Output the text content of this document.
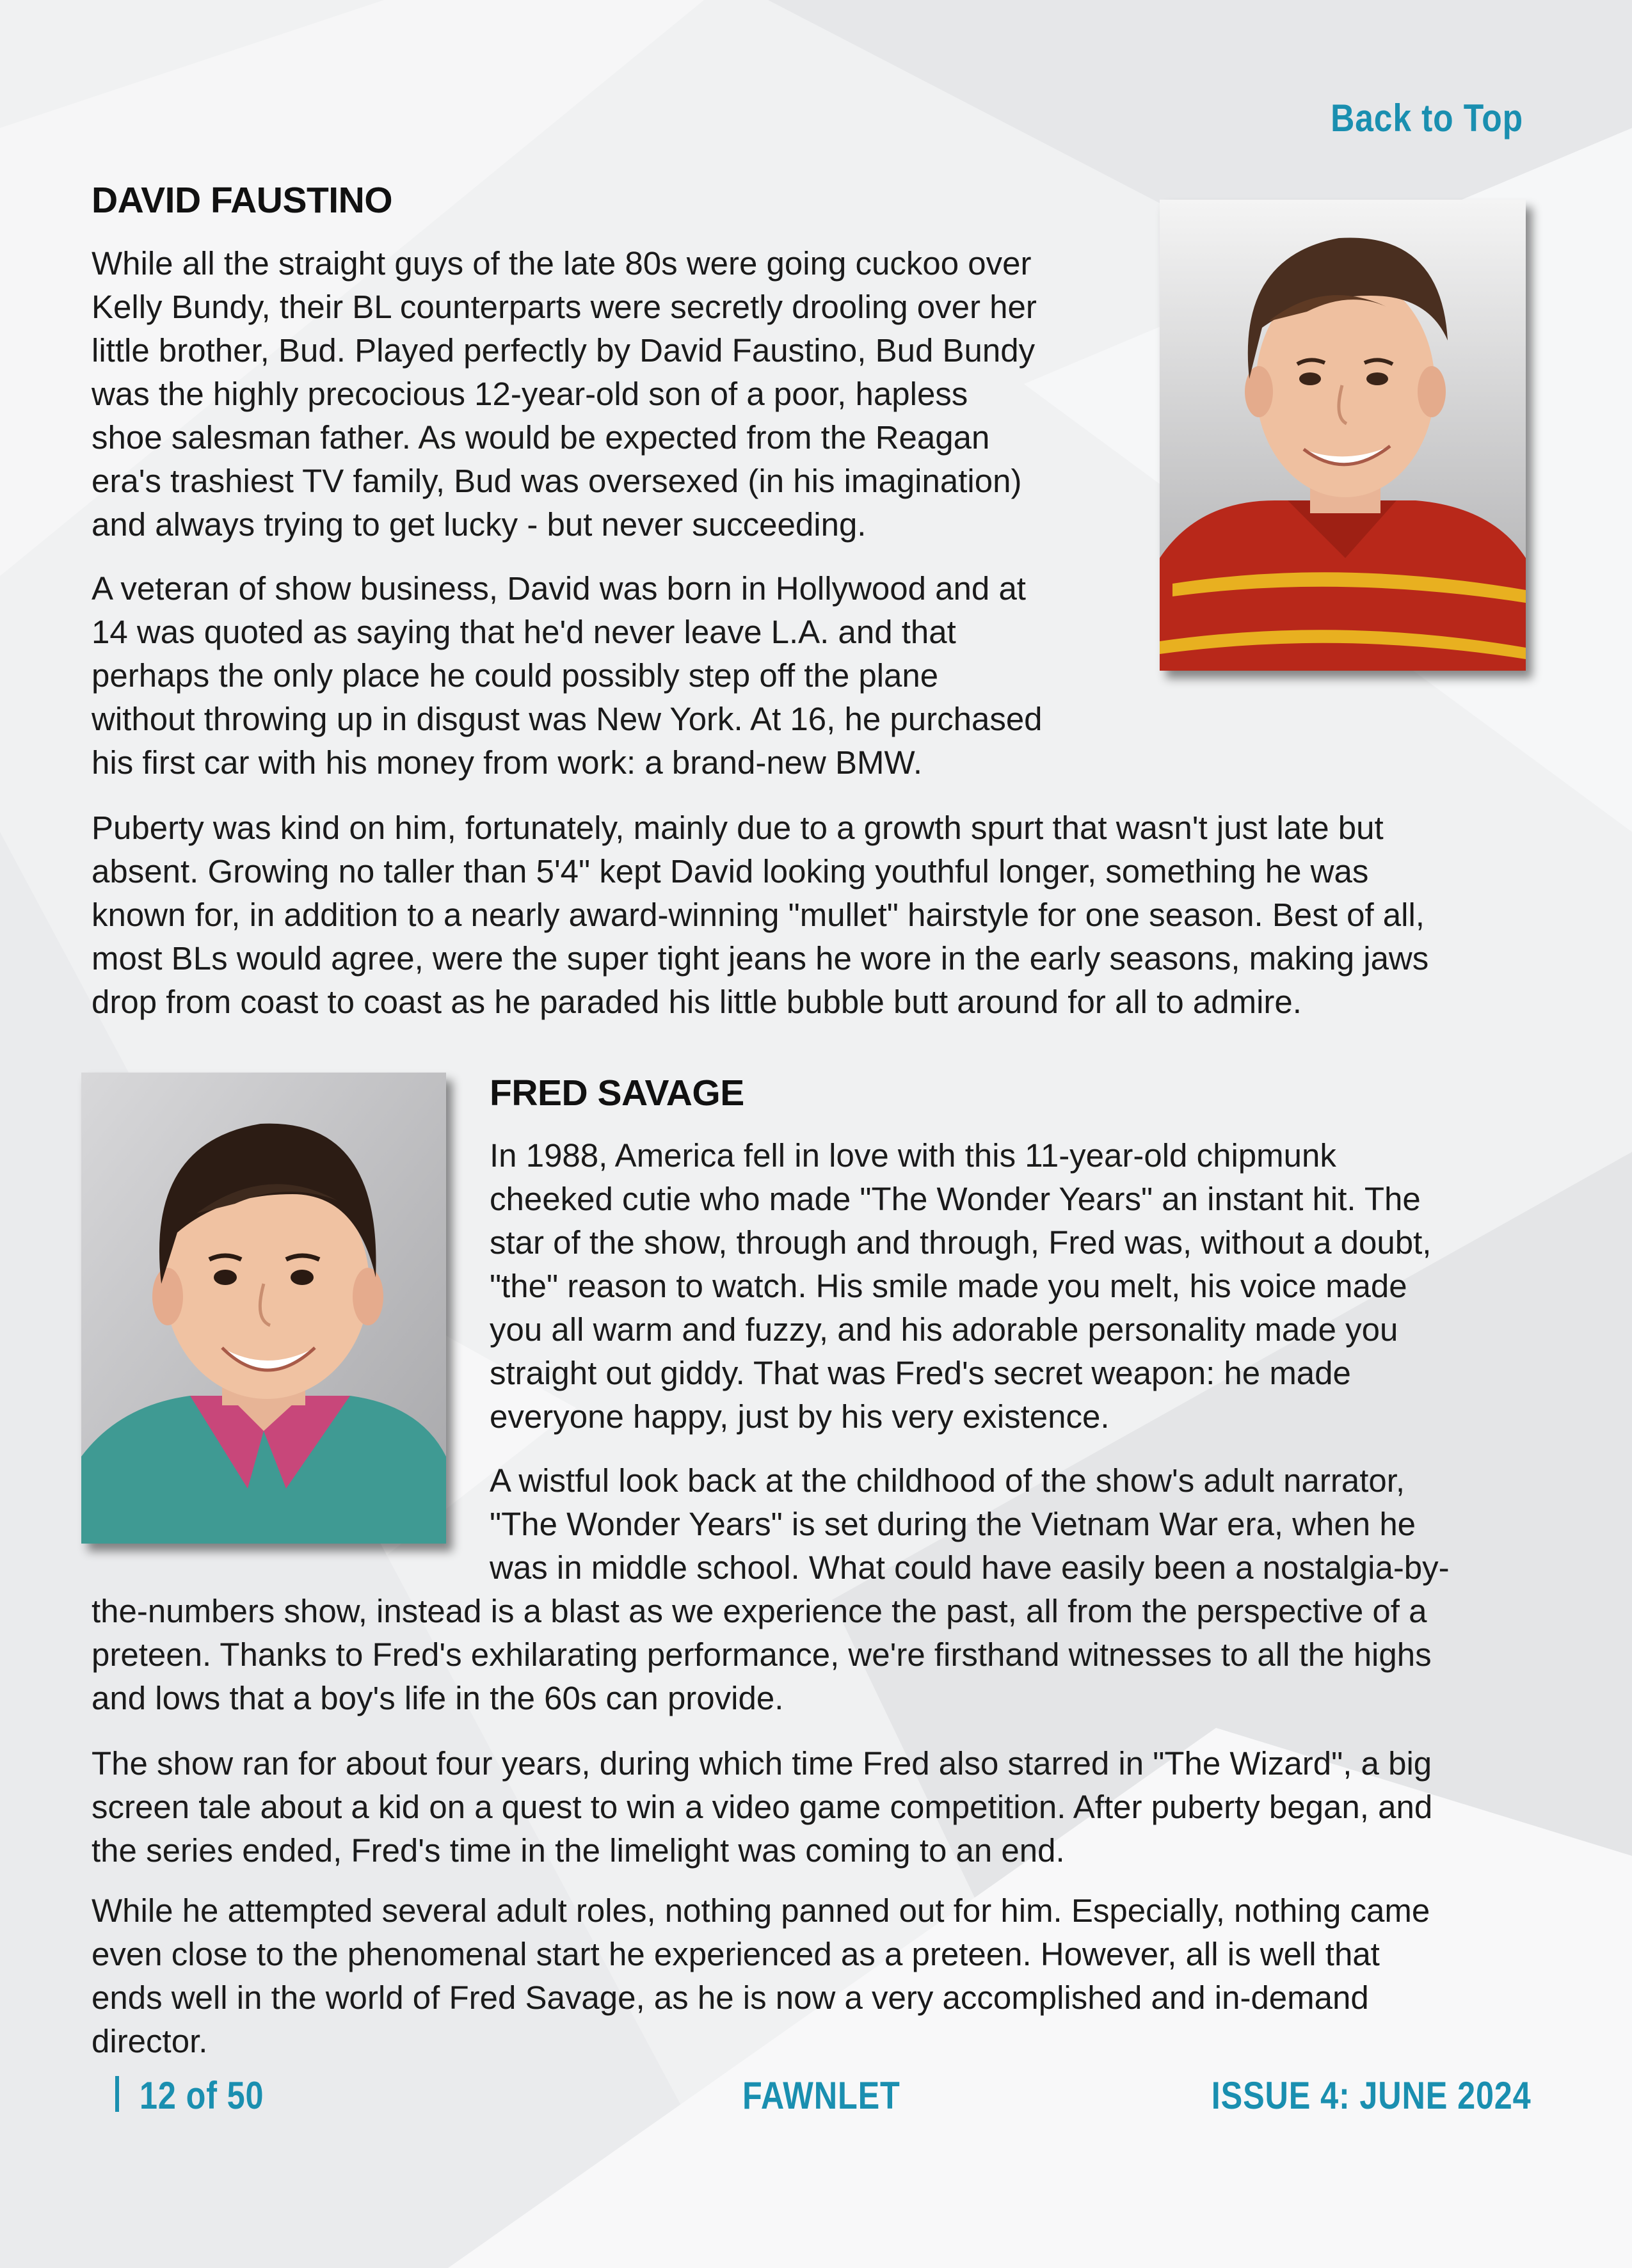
Back to Top
DAVID FAUSTINO

While all the straight guys of the late 80s were going cuckoo over
Kelly Bundy, their BL counterparts were secretly drooling over her
little brother, Bud. Played perfectly by David Faustino, Bud Bundy
was the highly precocious 12-year-old son of a poor, hapless
shoe salesman father. As would be expected from the Reagan
era's trashiest TV family, Bud was oversexed (in his imagination)
and always trying to get lucky - but never succeeding.

A veteran of show business, David was born in Hollywood and at
14 was quoted as saying that he'd never leave L.A. and that
perhaps the only place he could possibly step off the plane
without throwing up in disgust was New York. At 16, he purchased
his first car with his money from work: a brand-new BMW.

Puberty was kind on him, fortunately, mainly due to a growth spurt that wasn't just late but
absent. Growing no taller than 5'4" kept David looking youthful longer, something he was
known for, in addition to a nearly award-winning "mullet" hairstyle for one season. Best of all,
most BLs would agree, were the super tight jeans he wore in the early seasons, making jaws
drop from coast to coast as he paraded his little bubble butt around for all to admire.

FRED SAVAGE

In 1988, America fell in love with this 11-year-old chipmunk
cheeked cutie who made "The Wonder Years" an instant hit. The
star of the show, through and through, Fred was, without a doubt,
"the" reason to watch. His smile made you melt, his voice made
you all warm and fuzzy, and his adorable personality made you
straight out giddy. That was Fred's secret weapon: he made
everyone happy, just by his very existence.

A wistful look back at the childhood of the show's adult narrator,
"The Wonder Years" is set during the Vietnam War era, when he
was in middle school. What could have easily been a nostalgia-by-

the-numbers show, instead is a blast as we experience the past, all from the perspective of a
preteen. Thanks to Fred's exhilarating performance, we're firsthand witnesses to all the highs
and lows that a boy's life in the 60s can provide.

The show ran for about four years, during which time Fred also starred in "The Wizard", a big
screen tale about a kid on a quest to win a video game competition. After puberty began, and
the series ended, Fred's time in the limelight was coming to an end.

While he attempted several adult roles, nothing panned out for him. Especially, nothing came
even close to the phenomenal start he experienced as a preteen. However, all is well that
ends well in the world of Fred Savage, as he is now a very accomplished and in-demand
director.

12 of 50	FAWNLET	ISSUE 4: JUNE 2024
